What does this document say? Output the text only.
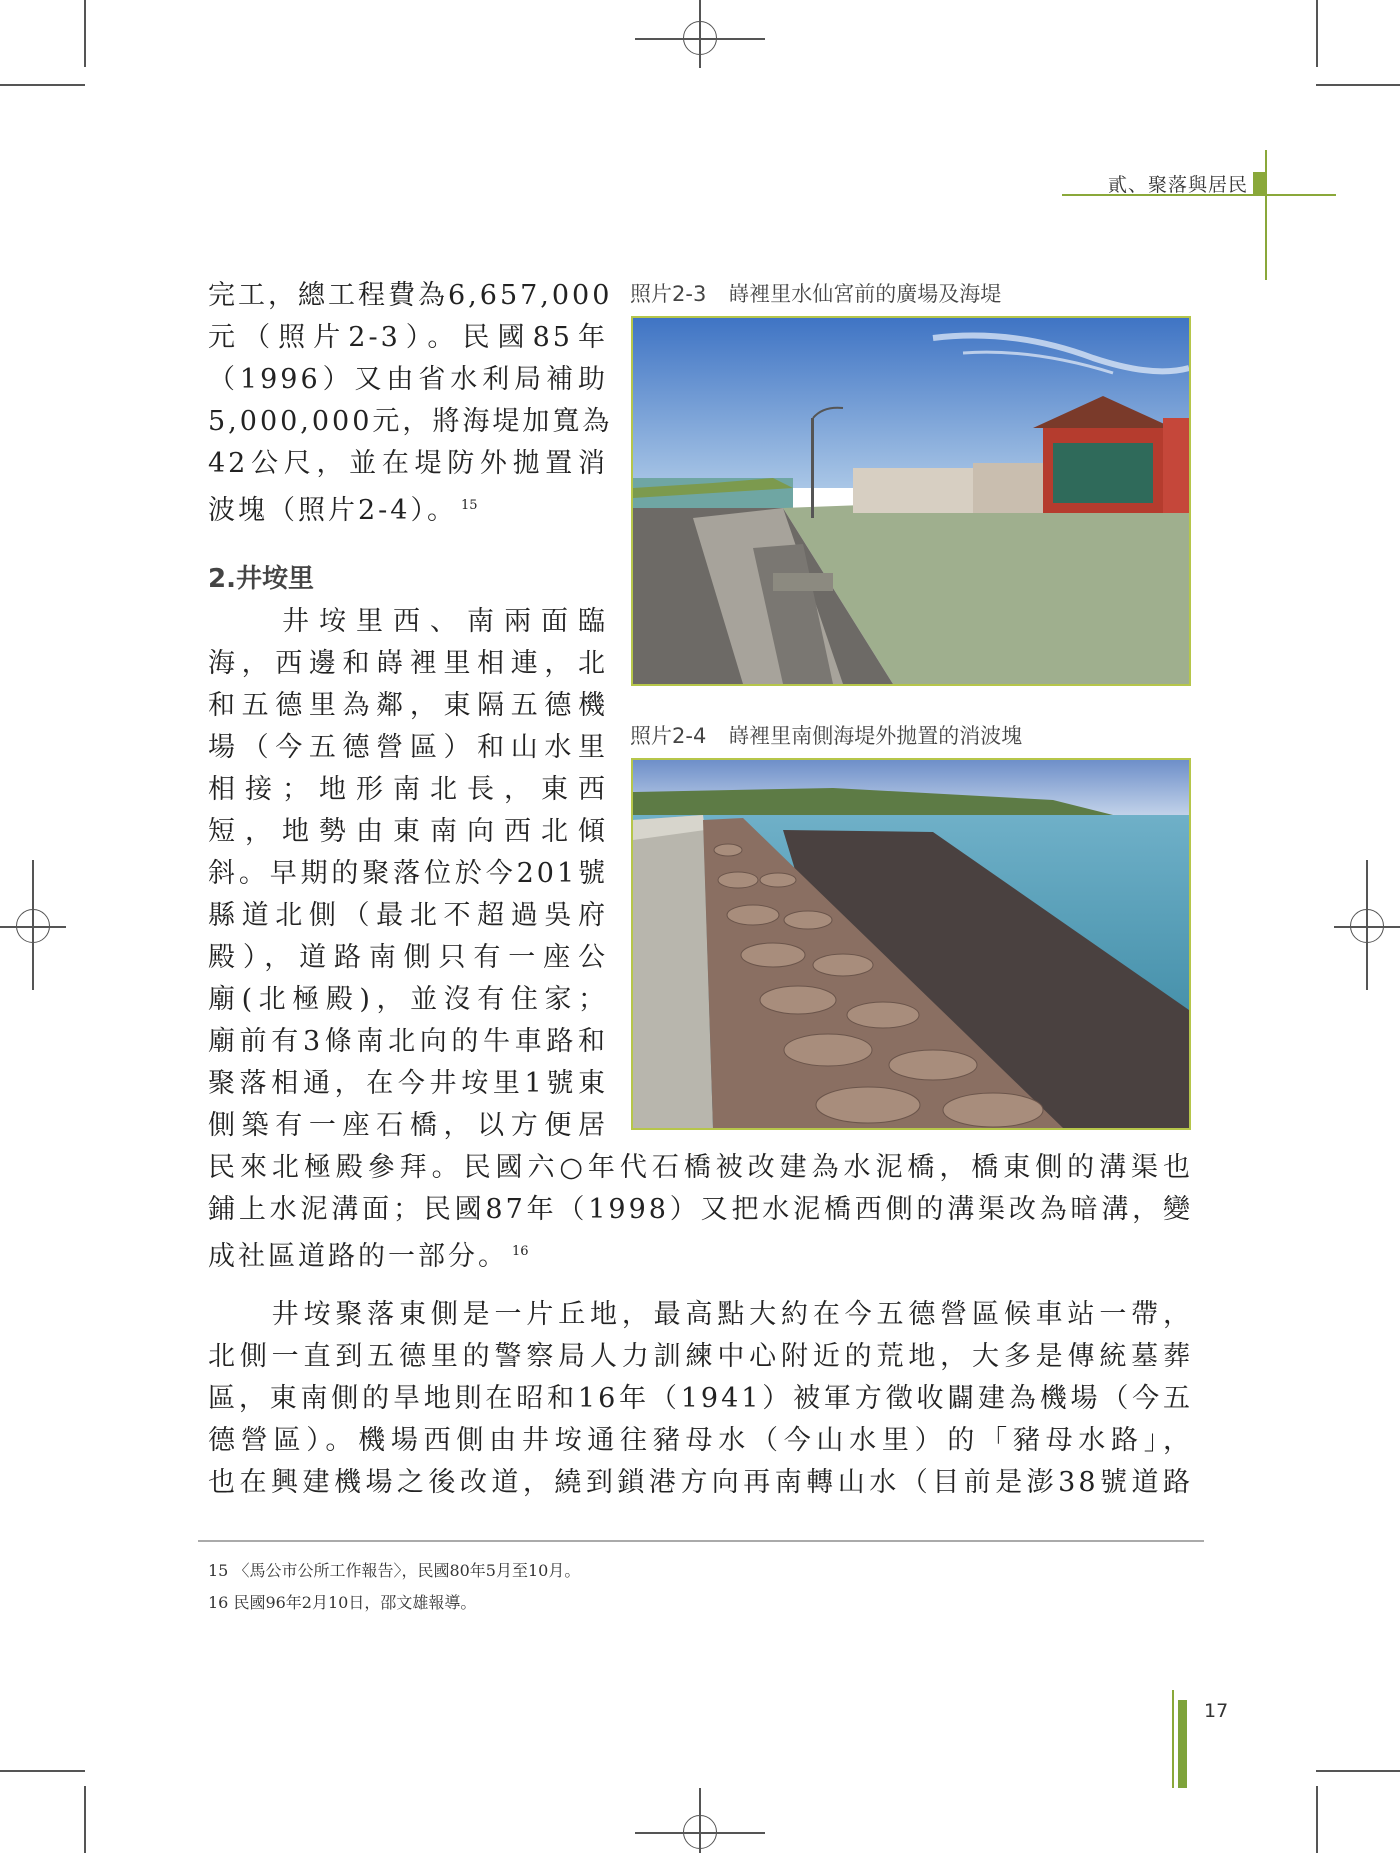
貳、聚落與居民
完工，總工程費為6,657,000
元（照片2-3）。民國85年
（1996）又由省水利局補助
5,000,000元，將海堤加寬為
42公尺，並在堤防外拋置消
波塊（照片2-4）。 $^{15}$
2.井垵里
　　井垵里西、南兩面臨
海，西邊和嵵裡里相連，北
和五德里為鄰，東隔五德機
場（今五德營區）和山水里
相接；地形南北長，東西
短，地勢由東南向西北傾
斜。早期的聚落位於今201號
縣道北側（最北不超過吳府
殿），道路南側只有一座公
廟(北極殿)，並沒有住家；
廟前有3條南北向的牛車路和
聚落相通，在今井垵里1號東
側築有一座石橋，以方便居
民來北極殿參拜。民國六○年代石橋被改建為水泥橋，橋東側的溝渠也
鋪上水泥溝面；民國87年（1998）又把水泥橋西側的溝渠改為暗溝，變
成社區道路的一部分。 $^{16}$
　　井垵聚落東側是一片丘地，最高點大約在今五德營區候車站一帶，
北側一直到五德里的警察局人力訓練中心附近的荒地，大多是傳統墓葬
區，東南側的旱地則在昭和16年（1941）被軍方徵收闢建為機場（今五
德營區）。機場西側由井垵通往豬母水（今山水里）的「豬母水路」，
也在興建機場之後改道，繞到鎖港方向再南轉山水（目前是澎38號道路
照片2-3 嵵裡里水仙宮前的廣場及海堤
照片2-4 嵵裡里南側海堤外拋置的消波塊
15 〈馬公市公所工作報告〉，民國80年5月至10月。
16 民國96年2月10日，邵文雄報導。
17
